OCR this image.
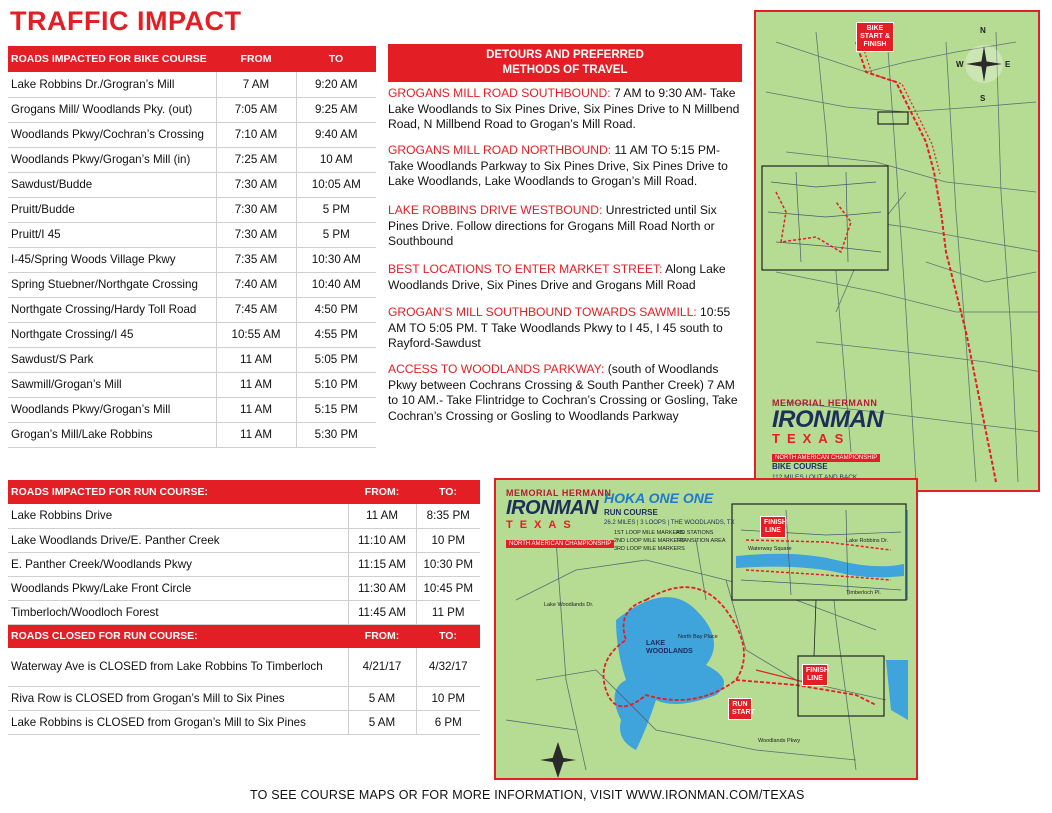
TRAFFIC IMPACT
ROADS IMPACTED FOR BIKE COURSE	FROM	TO
Lake Robbins Dr./Grogran’s Mill	7 AM	9:20 AM
Grogans Mill/ Woodlands Pky. (out)	7:05 AM	9:25 AM
Woodlands Pkwy/Cochran’s Crossing	7:10 AM	9:40 AM
Woodlands Pkwy/Grogan’s Mill (in)	7:25 AM	10 AM
Sawdust/Budde	7:30 AM	10:05 AM
Pruitt/Budde	7:30 AM	5 PM
Pruitt/I 45	7:30 AM	5 PM
I-45/Spring Woods Village Pkwy	7:35 AM	10:30 AM
Spring Stuebner/Northgate Crossing	7:40 AM	10:40 AM
Northgate Crossing/Hardy Toll Road	7:45 AM	4:50 PM
Northgate Crossing/I 45	10:55 AM	4:55 PM
Sawdust/S Park	11 AM	5:05 PM
Sawmill/Grogan’s Mill	11 AM	5:10 PM
Woodlands Pkwy/Grogan’s Mill	11 AM	5:15 PM
Grogan’s Mill/Lake Robbins	11 AM	5:30 PM
DETOURS AND PREFERRED
METHODS OF TRAVEL
GROGANS MILL ROAD SOUTHBOUND: 7 AM to 9:30 AM- Take Lake Woodlands to Six Pines Drive, Six Pines Drive to N Millbend Road, N Millbend Road to Grogan’s Mill Road.
GROGANS MILL ROAD NORTHBOUND: 11 AM TO 5:15 PM- Take Woodlands Parkway to Six Pines Drive, Six Pines Drive to Lake Woodlands, Lake Woodlands to Grogan’s Mill Road.
LAKE ROBBINS DRIVE WESTBOUND: Unrestricted until Six Pines Drive. Follow directions for Grogans Mill Road North or Southbound
BEST LOCATIONS TO ENTER MARKET STREET: Along Lake Woodlands Drive, Six Pines Drive and Grogans Mill Road
GROGAN’S MILL SOUTHBOUND TOWARDS SAWMILL: 10:55 AM TO 5:05 PM. T Take Woodlands Pkwy to I 45, I 45 south to Rayford-Sawdust
ACCESS TO WOODLANDS PARKWAY: (south of Woodlands Pkwy between Cochrans Crossing & South Panther Creek) 7 AM to 10 AM.- Take Flintridge to Cochran’s Crossing or Gosling, Take Cochran’s Crossing or Gosling to Woodlands Parkway
ROADS IMPACTED FOR RUN COURSE:	FROM:	TO:
Lake Robbins Drive	11 AM	8:35 PM
Lake Woodlands Drive/E. Panther Creek	11:10 AM	10 PM
E. Panther Creek/Woodlands Pkwy	11:15 AM	10:30 PM
Woodlands Pkwy/Lake Front Circle	11:30 AM	10:45 PM
Timberloch/Woodloch Forest	11:45 AM	11 PM
ROADS CLOSED FOR RUN COURSE:	FROM:	TO:
Waterway Ave is CLOSED from Lake Robbins To Timberloch	4/21/17	4/32/17
Riva Row is CLOSED from Grogan’s Mill to Six Pines	5 AM	10 PM
Lake Robbins is CLOSED from Grogan’s Mill to Six Pines	5 AM	6 PM
BIKE START & FINISH
N
E
S
W
MEMORIAL HERMANN
IRONMAN
TEXAS
NORTH AMERICAN CHAMPIONSHIP
BIKE COURSE
MEMORIAL HERMANN
IRONMAN
TEXAS
NORTH AMERICAN CHAMPIONSHIP
HOKA ONE ONE
RUN COURSE
26.2 MILES | 3 LOOPS | THE WOODLANDS, TX
1ST LOOP MILE MARKERS
2ND LOOP MILE MARKERS
3RD LOOP MILE MARKERS
AID STATIONS
TRANSITION AREA
LAKE WOODLANDS
FINISH LINE
FINISH LINE
RUN START
Lake Robbins Dr.
Waterway Square
Timberloch Pl.
Woodlands Pkwy
Lake Woodlands Dr.
North Bay Place
TO SEE COURSE MAPS OR FOR MORE INFORMATION, VISIT WWW.IRONMAN.COM/TEXAS
